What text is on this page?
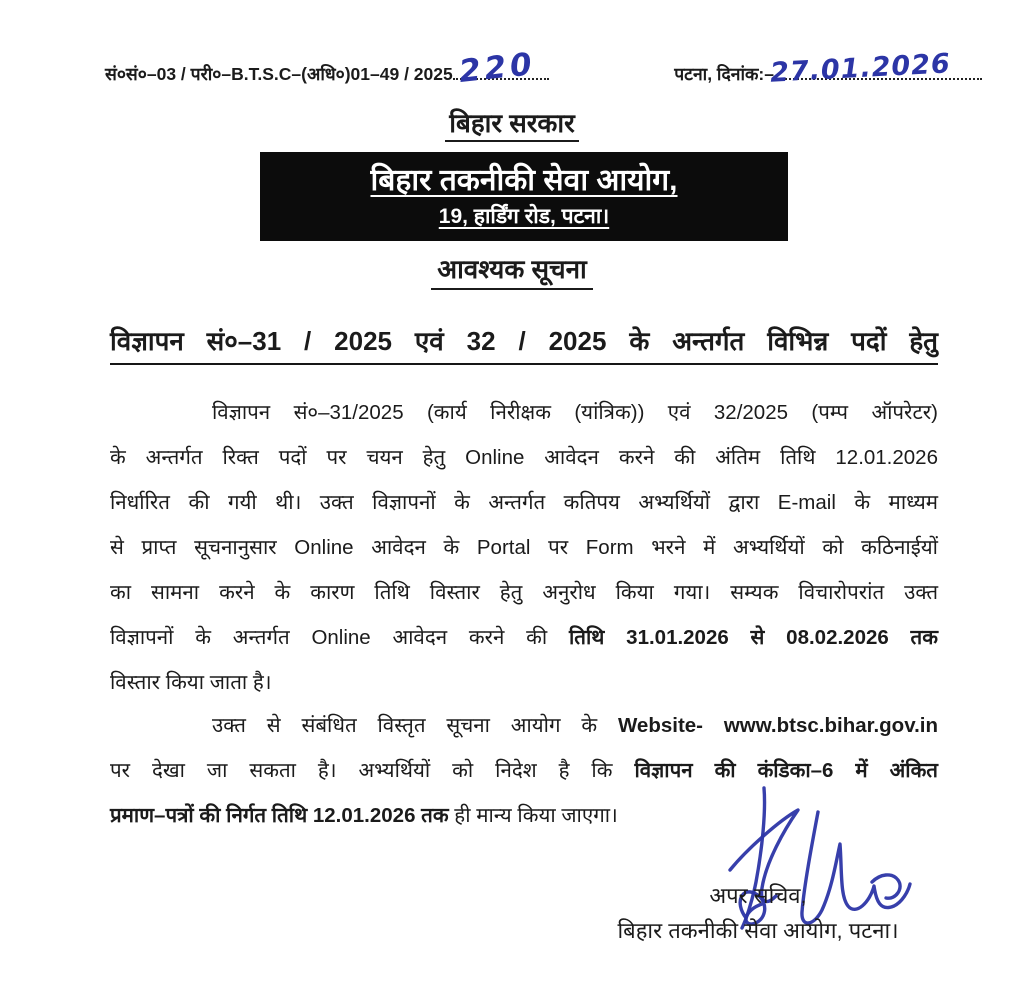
सं०सं०–03 / परी०–B.T.S.C–(अधि०)01–49 / 2025 220	पटना, दिनांक:–
27.01.2026
बिहार सरकार
बिहार तकनीकी सेवा आयोग,
19, हार्डिंग रोड, पटना।
आवश्यक सूचना
विज्ञापन सं०–31 / 2025 एवं 32 / 2025 के अन्तर्गत विभिन्न पदों हेतु
विज्ञापन सं०–31/2025 (कार्य निरीक्षक (यांत्रिक)) एवं 32/2025 (पम्प ऑपरेटर)
के अन्तर्गत रिक्त पदों पर चयन हेतु Online आवेदन करने की अंतिम तिथि 12.01.2026
निर्धारित की गयी थी। उक्त विज्ञापनों के अन्तर्गत कतिपय अभ्यर्थियों द्वारा E-mail के माध्यम
से प्राप्त सूचनानुसार Online आवेदन के Portal पर Form भरने में अभ्यर्थियों को कठिनाईयों
का सामना करने के कारण तिथि विस्तार हेतु अनुरोध किया गया। सम्यक विचारोपरांत उक्त
विज्ञापनों के अन्तर्गत Online आवेदन करने की तिथि 31.01.2026 से 08.02.2026 तक
विस्तार किया जाता है।
उक्त से संबंधित विस्तृत सूचना आयोग के Website- www.btsc.bihar.gov.in
पर देखा जा सकता है। अभ्यर्थियों को निदेश है कि विज्ञापन की कंडिका–6 में अंकित
प्रमाण–पत्रों की निर्गत तिथि 12.01.2026 तक ही मान्य किया जाएगा।
अपर सचिव,
बिहार तकनीकी सेवा आयोग, पटना।
